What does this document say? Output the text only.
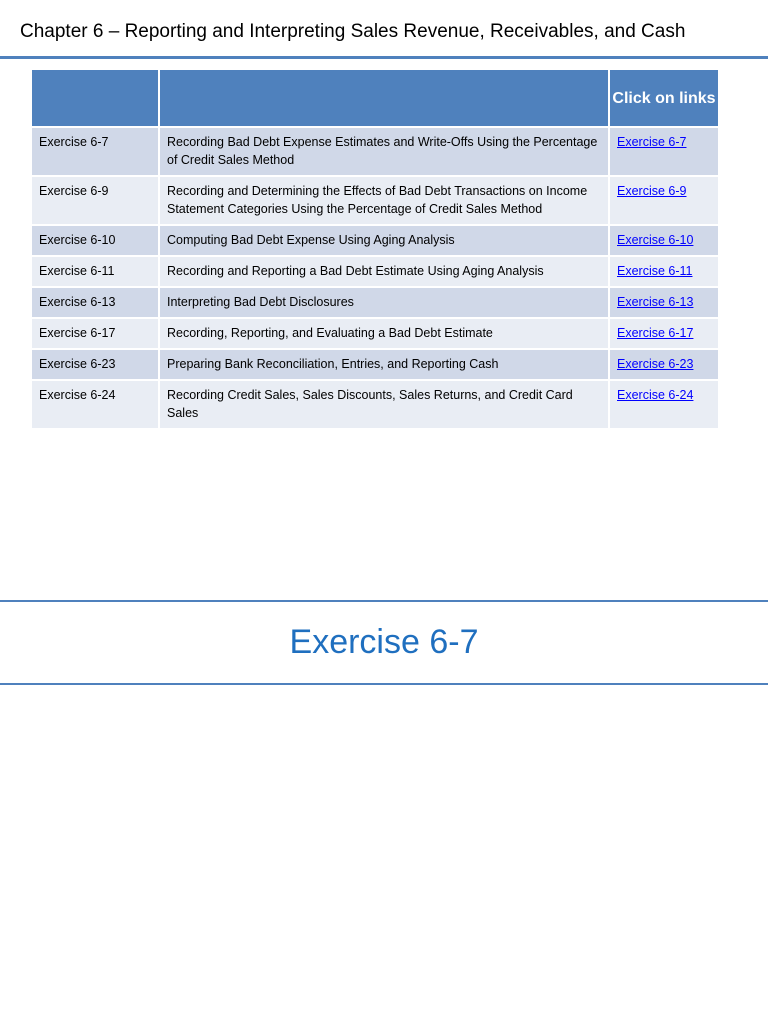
Chapter 6 – Reporting and Interpreting Sales Revenue, Receivables, and Cash
		Click on links
Exercise 6-7	Recording Bad Debt Expense Estimates and Write-Offs Using the Percentage of Credit Sales Method	Exercise 6-7
Exercise 6-9	Recording and Determining the Effects of Bad Debt Transactions on Income Statement Categories Using the Percentage of Credit Sales Method	Exercise 6-9
Exercise 6-10	Computing Bad Debt Expense Using Aging Analysis	Exercise 6-10
Exercise 6-11	Recording and Reporting a Bad Debt Estimate Using Aging Analysis	Exercise 6-11
Exercise 6-13	Interpreting Bad Debt Disclosures	Exercise 6-13
Exercise 6-17	Recording, Reporting, and Evaluating a Bad Debt Estimate	Exercise 6-17
Exercise 6-23	Preparing Bank Reconciliation, Entries, and Reporting Cash	Exercise 6-23
Exercise 6-24	Recording Credit Sales, Sales Discounts, Sales Returns, and Credit Card Sales	Exercise 6-24
Exercise 6-7
